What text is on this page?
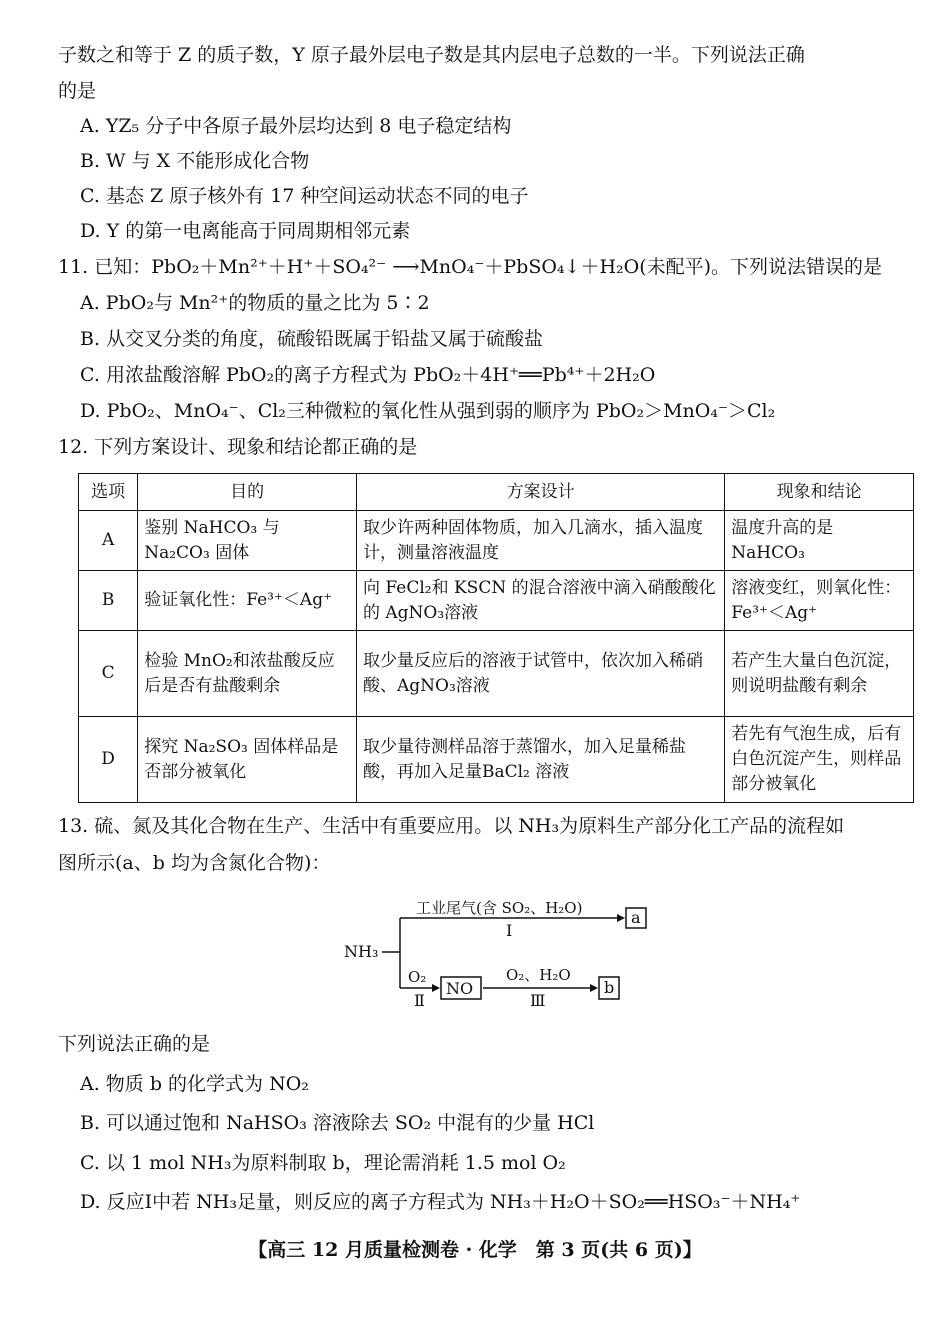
子数之和等于 Z 的质子数，Y 原子最外层电子数是其内层电子总数的一半。下列说法正确
的是
A. YZ₅ 分子中各原子最外层均达到 8 电子稳定结构
B. W 与 X 不能形成化合物
C. 基态 Z 原子核外有 17 种空间运动状态不同的电子
D. Y 的第一电离能高于同周期相邻元素
11. 已知：PbO₂＋Mn²⁺＋H⁺＋SO₄²⁻ ⟶MnO₄⁻＋PbSO₄↓＋H₂O(未配平)。下列说法错误的是
A. PbO₂与 Mn²⁺的物质的量之比为 5∶2
B. 从交叉分类的角度，硫酸铅既属于铅盐又属于硫酸盐
C. 用浓盐酸溶解 PbO₂的离子方程式为 PbO₂＋4H⁺══Pb⁴⁺＋2H₂O
D. PbO₂、MnO₄⁻、Cl₂三种微粒的氧化性从强到弱的顺序为 PbO₂＞MnO₄⁻＞Cl₂
12. 下列方案设计、现象和结论都正确的是
选项	目的	方案设计	现象和结论
A	鉴别 NaHCO₃ 与 Na₂CO₃ 固体	取少许两种固体物质，加入几滴水，插入温度计，测量溶液温度	温度升高的是 NaHCO₃
B	验证氧化性：Fe³⁺＜Ag⁺	向 FeCl₂和 KSCN 的混合溶液中滴入硝酸酸化的 AgNO₃溶液	溶液变红，则氧化性：Fe³⁺＜Ag⁺
C	检验 MnO₂和浓盐酸反应后是否有盐酸剩余	取少量反应后的溶液于试管中，依次加入稀硝酸、AgNO₃溶液	若产生大量白色沉淀，则说明盐酸有剩余
D	探究 Na₂SO₃ 固体样品是否部分被氧化	取少量待测样品溶于蒸馏水，加入足量稀盐酸，再加入足量BaCl₂ 溶液	若先有气泡生成，后有白色沉淀产生，则样品部分被氧化
13. 硫、氮及其化合物在生产、生活中有重要应用。以 NH₃为原料生产部分化工产品的流程如
图所示(a、b 均为含氮化合物)：
NH₃
工业尾气(含 SO₂、H₂O)
Ⅰ
a
O₂
Ⅱ
NO
O₂、H₂O
Ⅲ
b
下列说法正确的是
A. 物质 b 的化学式为 NO₂
B. 可以通过饱和 NaHSO₃ 溶液除去 SO₂ 中混有的少量 HCl
C. 以 1 mol NH₃为原料制取 b，理论需消耗 1.5 mol O₂
D. 反应Ⅰ中若 NH₃足量，则反应的离子方程式为 NH₃＋H₂O＋SO₂══HSO₃⁻＋NH₄⁺
【高三 12 月质量检测卷 · 化学　第 3 页(共 6 页)】
